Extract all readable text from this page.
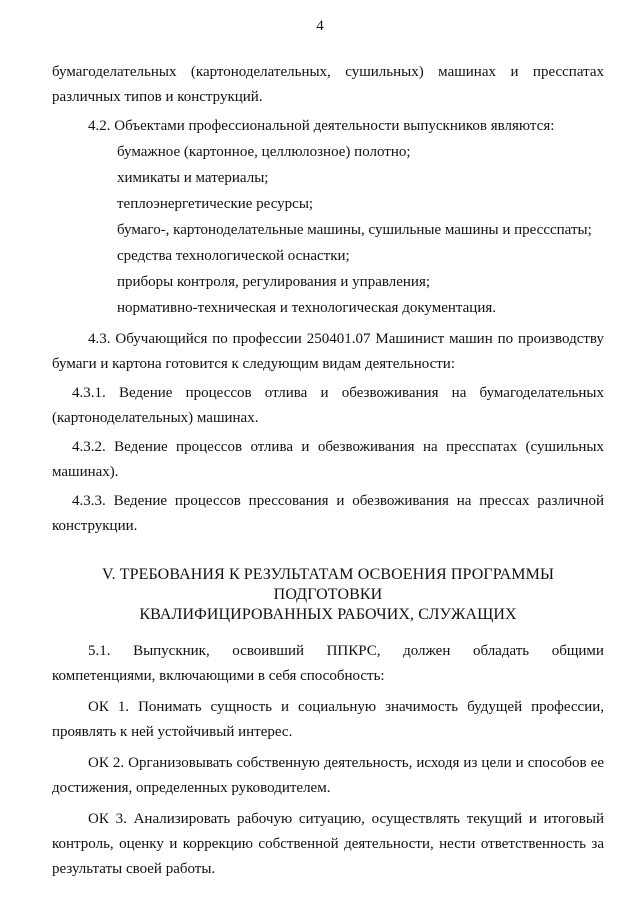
4

бумагоделательных (картоноделательных, сушильных) машинах и пресспатах различных типов и конструкций.

4.2. Объектами профессиональной деятельности выпускников являются:

бумажное (картонное, целлюлозное) полотно;
химикаты и материалы;
теплоэнергетические ресурсы;
бумаго-, картоноделательные машины, сушильные машины и прессспаты;
средства технологической оснастки;
приборы контроля, регулирования и управления;
нормативно-техническая и технологическая документация.

4.3. Обучающийся по профессии 250401.07 Машинист машин по производству бумаги и картона готовится к следующим видам деятельности:

4.3.1. Ведение процессов отлива и обезвоживания на бумагоделательных (картоноделательных) машинах.

4.3.2. Ведение процессов отлива и обезвоживания на пресспатах (сушильных машинах).

4.3.3. Ведение процессов прессования и обезвоживания на прессах различной конструкции.

V. ТРЕБОВАНИЯ К РЕЗУЛЬТАТАМ ОСВОЕНИЯ ПРОГРАММЫ ПОДГОТОВКИ
КВАЛИФИЦИРОВАННЫХ РАБОЧИХ, СЛУЖАЩИХ
5.1. Выпускник, освоивший ППКРС, должен обладать общими

компетенциями, включающими в себя способность:

ОК 1. Понимать сущность и социальную значимость будущей профессии, проявлять к ней устойчивый интерес.

ОК 2. Организовывать собственную деятельность, исходя из цели и способов ее достижения, определенных руководителем.

ОК 3. Анализировать рабочую ситуацию, осуществлять текущий и итоговый контроль, оценку и коррекцию собственной деятельности, нести ответственность за результаты своей работы.
